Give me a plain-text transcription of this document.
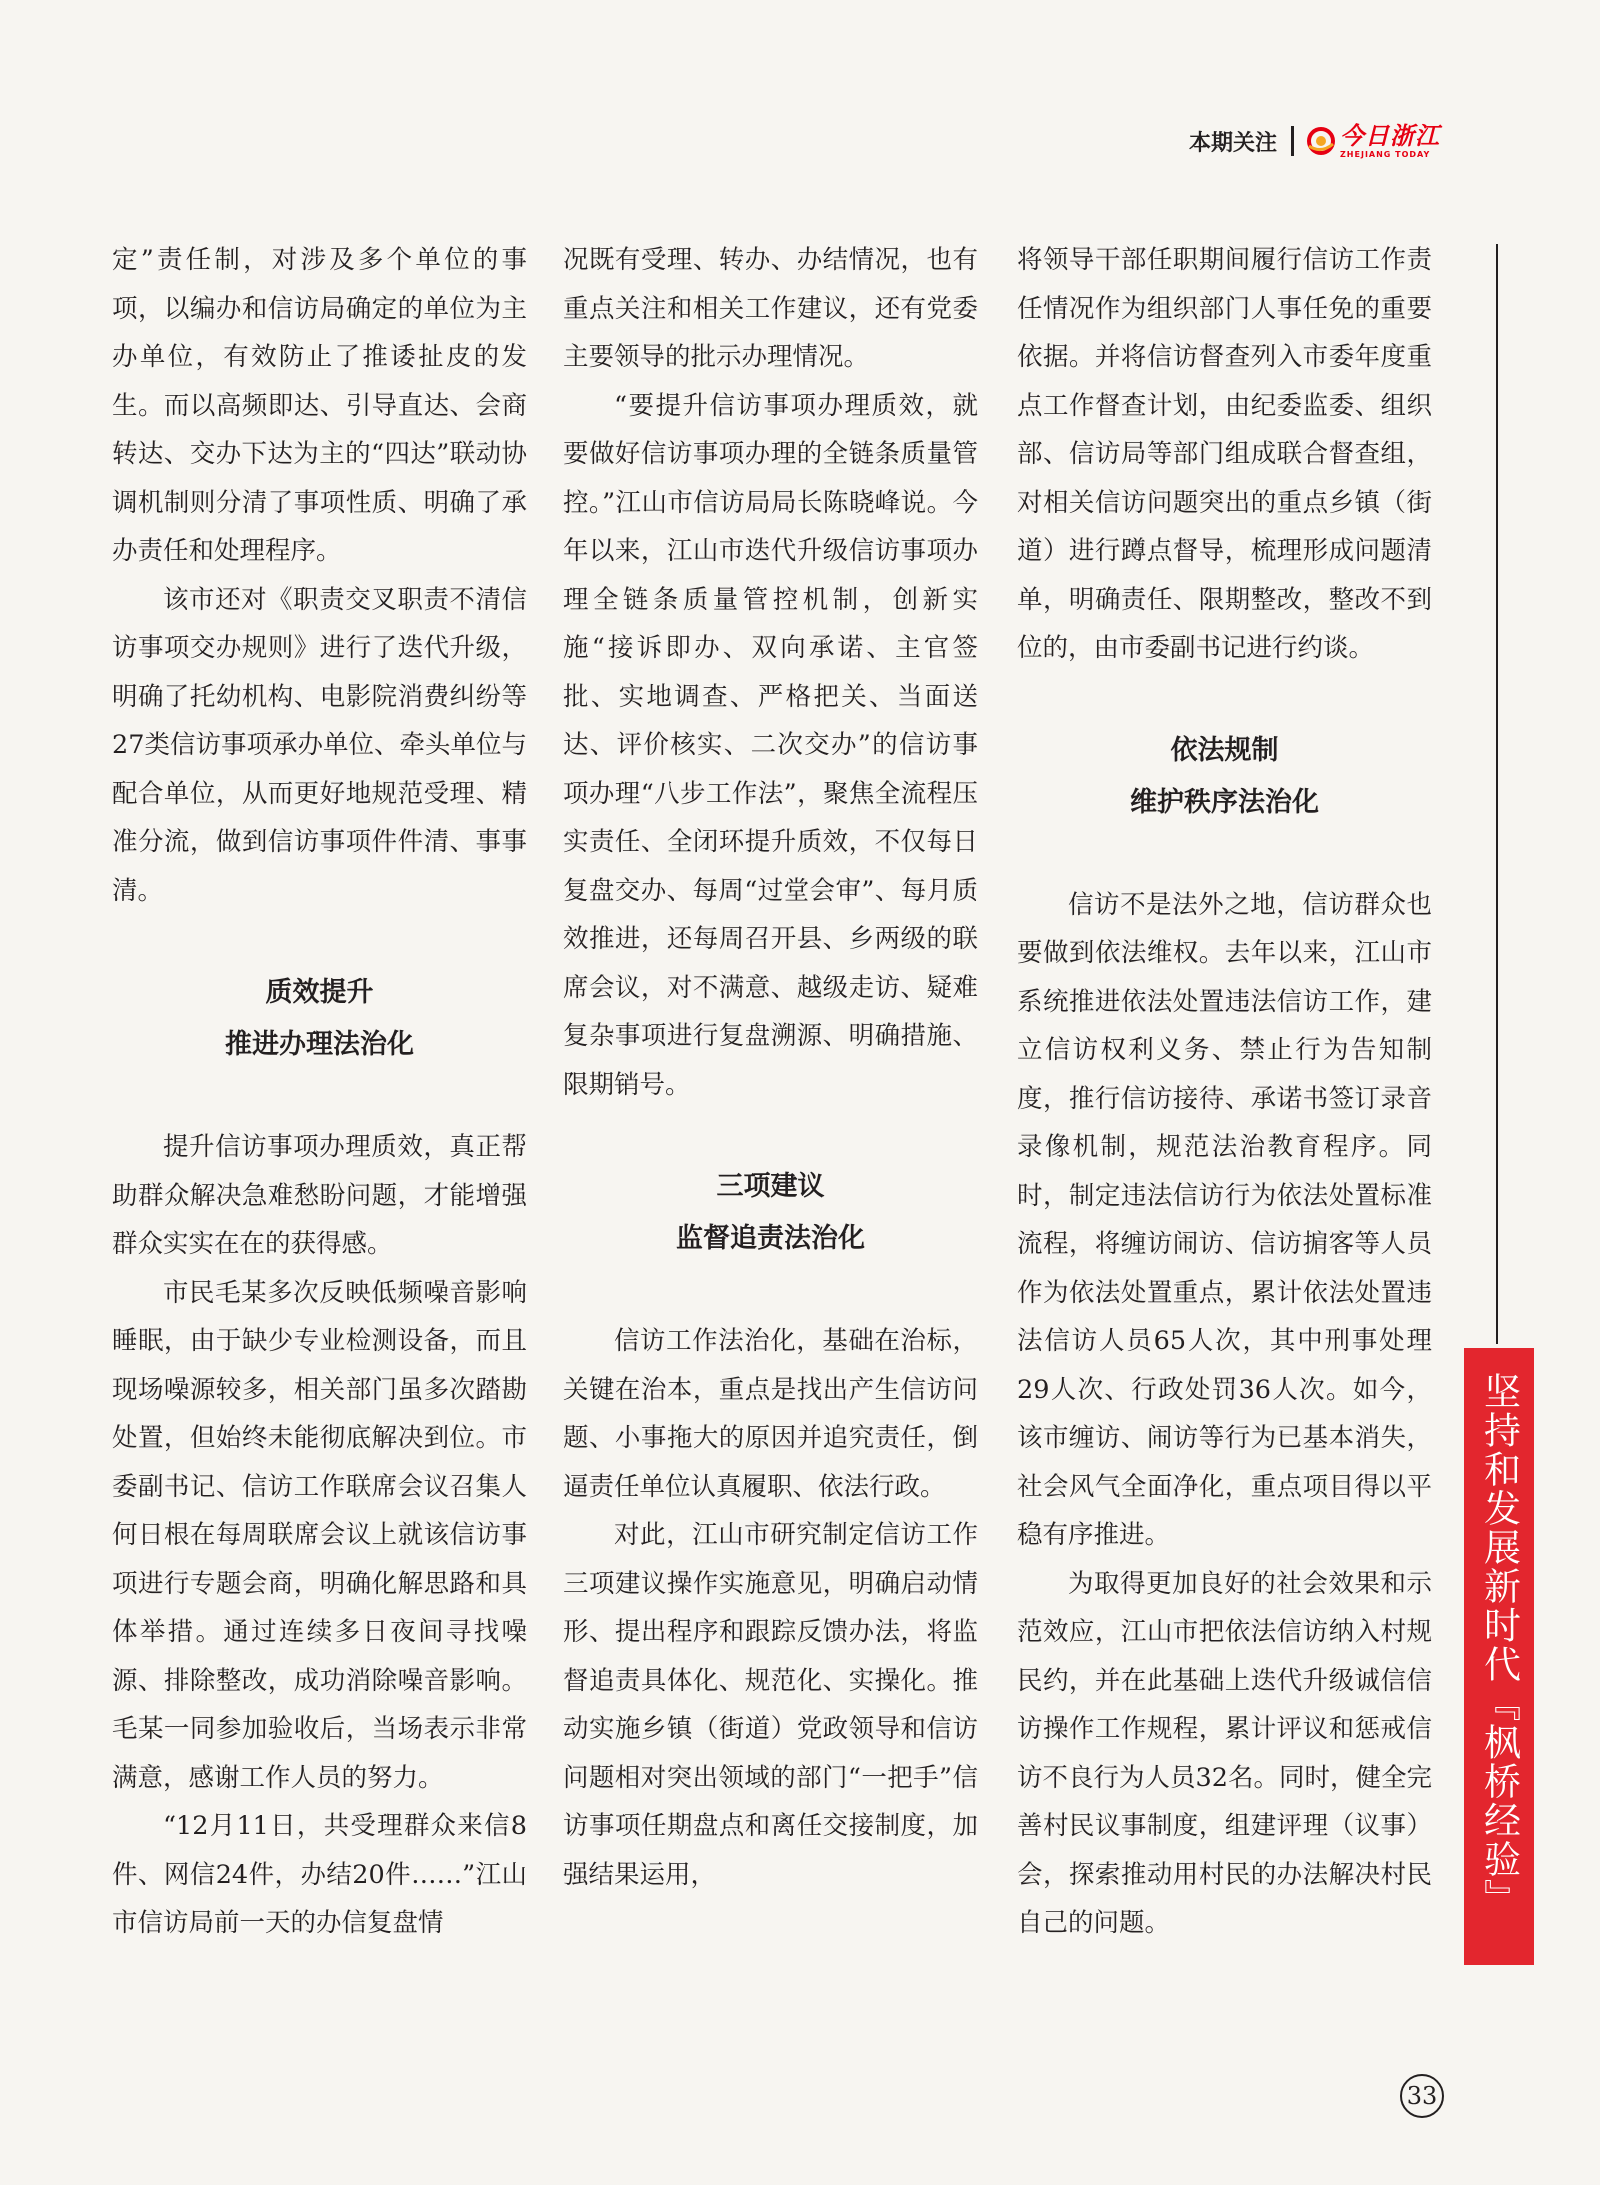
本期关注	今日浙江
ZHEJIANG TODAY

定”责任制，对涉及多个单位的事项，以编办和信访局确定的单位为主办单位，有效防止了推诿扯皮的发生。而以高频即达、引导直达、会商转达、交办下达为主的“四达”联动协调机制则分清了事项性质、明确了承办责任和处理程序。

该市还对《职责交叉职责不清信访事项交办规则》进行了迭代升级，明确了托幼机构、电影院消费纠纷等27类信访事项承办单位、牵头单位与配合单位，从而更好地规范受理、精准分流，做到信访事项件件清、事事清。

质效提升
推进办理法治化

提升信访事项办理质效，真正帮助群众解决急难愁盼问题，才能增强群众实实在在的获得感。

市民毛某多次反映低频噪音影响睡眠，由于缺少专业检测设备，而且现场噪源较多，相关部门虽多次踏勘处置，但始终未能彻底解决到位。市委副书记、信访工作联席会议召集人何日根在每周联席会议上就该信访事项进行专题会商，明确化解思路和具体举措。通过连续多日夜间寻找噪源、排除整改，成功消除噪音影响。毛某一同参加验收后，当场表示非常满意，感谢工作人员的努力。

“12月11日，共受理群众来信8件、网信24件，办结20件……”江山市信访局前一天的办信复盘情

况既有受理、转办、办结情况，也有重点关注和相关工作建议，还有党委主要领导的批示办理情况。

“要提升信访事项办理质效，就要做好信访事项办理的全链条质量管控。”江山市信访局局长陈晓峰说。今年以来，江山市迭代升级信访事项办理全链条质量管控机制，创新实施“接诉即办、双向承诺、主官签批、实地调查、严格把关、当面送达、评价核实、二次交办”的信访事项办理“八步工作法”，聚焦全流程压实责任、全闭环提升质效，不仅每日复盘交办、每周“过堂会审”、每月质效推进，还每周召开县、乡两级的联席会议，对不满意、越级走访、疑难复杂事项进行复盘溯源、明确措施、限期销号。

三项建议
监督追责法治化

信访工作法治化，基础在治标，关键在治本，重点是找出产生信访问题、小事拖大的原因并追究责任，倒逼责任单位认真履职、依法行政。

对此，江山市研究制定信访工作三项建议操作实施意见，明确启动情形、提出程序和跟踪反馈办法，将监督追责具体化、规范化、实操化。推动实施乡镇（街道）党政领导和信访问题相对突出领域的部门“一把手”信访事项任期盘点和离任交接制度，加强结果运用，

将领导干部任职期间履行信访工作责任情况作为组织部门人事任免的重要依据。并将信访督查列入市委年度重点工作督查计划，由纪委监委、组织部、信访局等部门组成联合督查组，对相关信访问题突出的重点乡镇（街道）进行蹲点督导，梳理形成问题清单，明确责任、限期整改，整改不到位的，由市委副书记进行约谈。

依法规制
维护秩序法治化

信访不是法外之地，信访群众也要做到依法维权。去年以来，江山市系统推进依法处置违法信访工作，建立信访权利义务、禁止行为告知制度，推行信访接待、承诺书签订录音录像机制，规范法治教育程序。同时，制定违法信访行为依法处置标准流程，将缠访闹访、信访掮客等人员作为依法处置重点，累计依法处置违法信访人员65人次，其中刑事处理29人次、行政处罚36人次。如今，该市缠访、闹访等行为已基本消失，社会风气全面净化，重点项目得以平稳有序推进。

为取得更加良好的社会效果和示范效应，江山市把依法信访纳入村规民约，并在此基础上迭代升级诚信信访操作工作规程，累计评议和惩戒信访不良行为人员32名。同时，健全完善村民议事制度，组建评理（议事）会，探索推动用村民的办法解决村民自己的问题。

坚持和发展新时代『枫桥经验』
33
